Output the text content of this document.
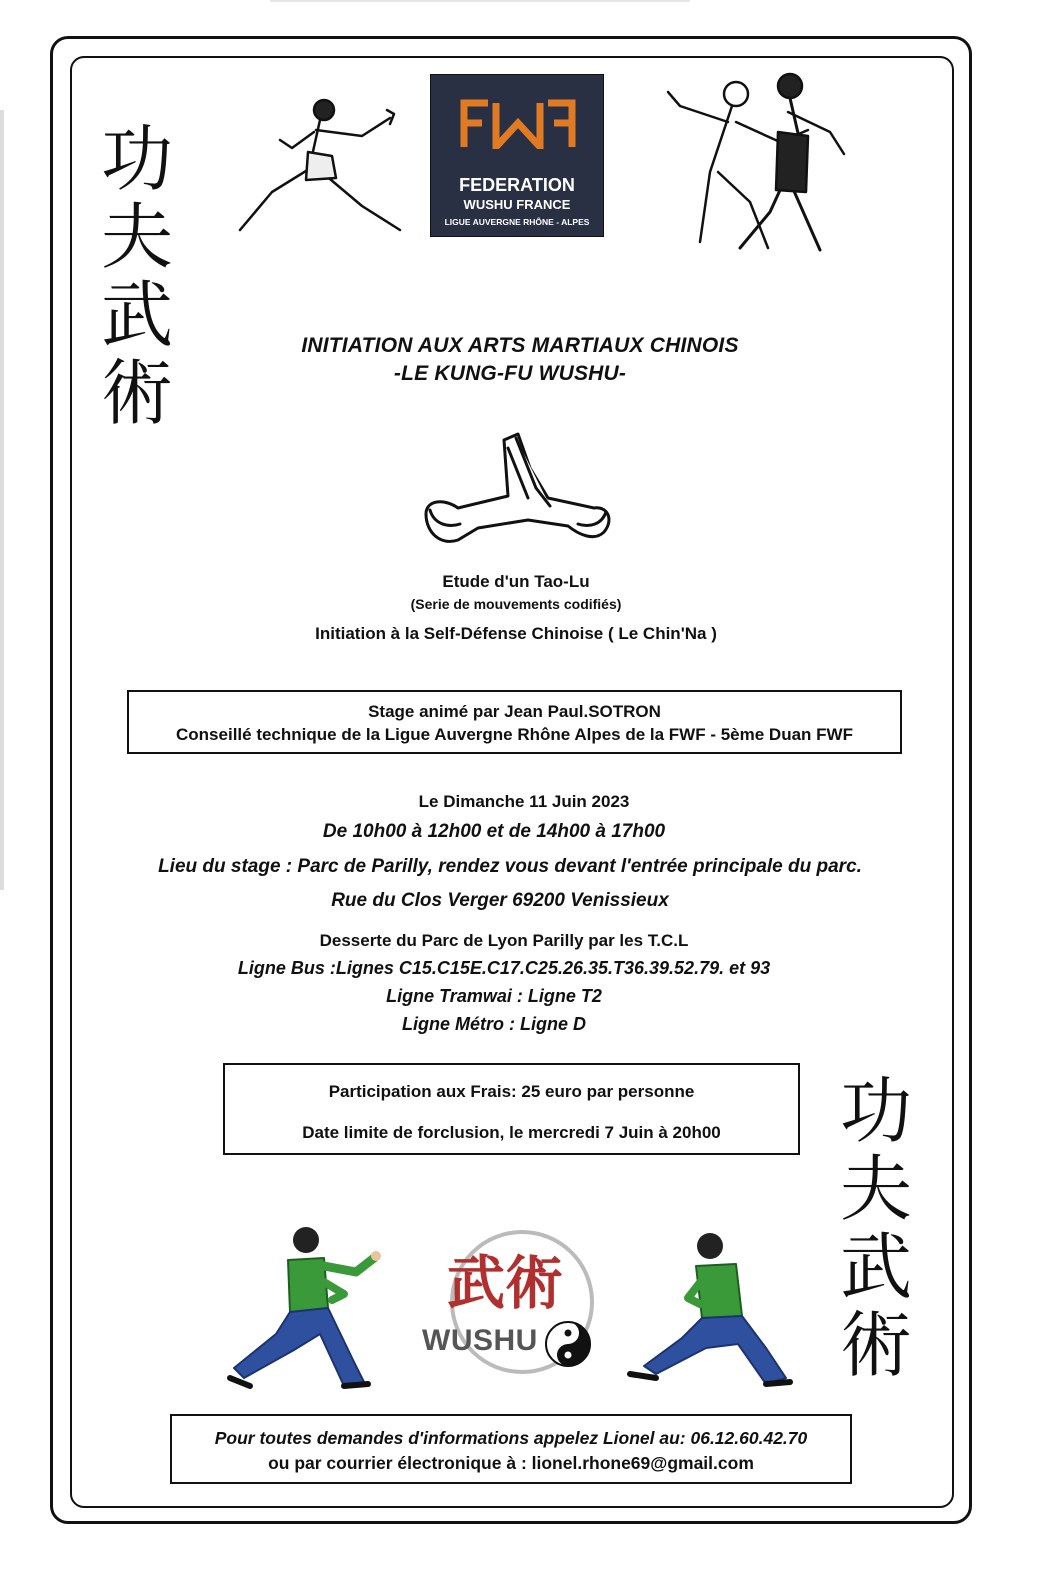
FEDERATION
WUSHU FRANCE
LIGUE AUVERGNE RHÔNE - ALPES
功
夫
武
術
功
夫
武
術
INITIATION AUX ARTS MARTIAUX CHINOIS
-LE KUNG-FU WUSHU-
Etude d'un Tao-Lu
(Serie de mouvements codifiés)
Initiation à la Self-Défense Chinoise ( Le Chin'Na )
Stage animé par Jean Paul.SOTRON
Conseillé technique de la Ligue Auvergne Rhône Alpes de la FWF - 5ème Duan FWF
Le Dimanche 11 Juin 2023
De 10h00 à 12h00 et de 14h00 à 17h00
Lieu du stage : Parc de Parilly, rendez vous devant l'entrée principale du parc.
Rue du Clos Verger 69200 Venissieux
Desserte du Parc de Lyon Parilly par les T.C.L
Ligne Bus :Lignes C15.C15E.C17.C25.26.35.T36.39.52.79. et 93
Ligne Tramwai : Ligne T2
Ligne Métro : Ligne D
Participation aux Frais: 25 euro par personne
Date limite de forclusion, le mercredi 7 Juin à 20h00
武術
WUSHU
Pour toutes demandes d'informations appelez Lionel au: 06.12.60.42.70
ou par courrier électronique à : lionel.rhone69@gmail.com
